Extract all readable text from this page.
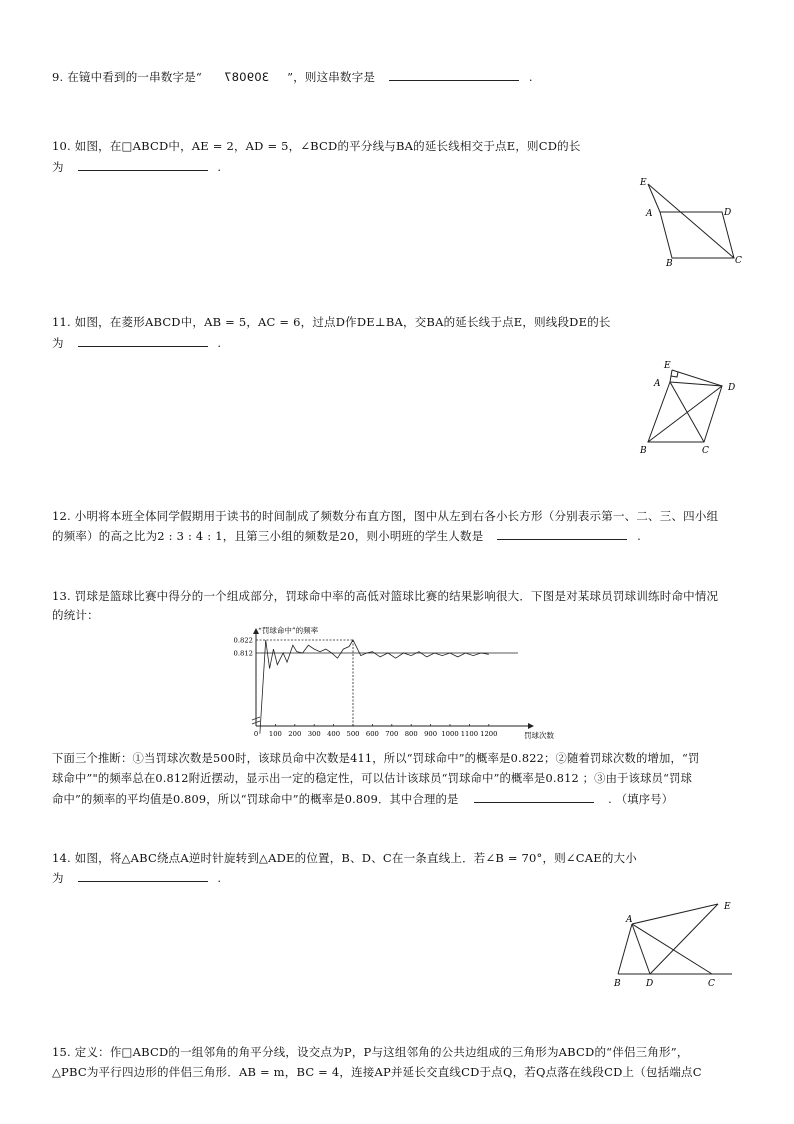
9. 在镜中看到的一串数字是“ 309087 ”，则这串数字是	.
10. 如图，在□ABCD中，AE = 2，AD = 5，∠BCD的平分线与BA的延长线相交于点E，则CD的长
为	.
E
A	D
B	C
11. 如图，在菱形ABCD中，AB = 5，AC = 6，过点D作DE⊥BA，交BA的延长线于点E，则线段DE的长
为	.
E
A	D
B	C
12. 小明将本班全体同学假期用于读书的时间制成了频数分布直方图，图中从左到右各小长方形（分别表示第一、二、三、四小组
的频率）的高之比为2 : 3 : 4 : 1，且第三小组的频数是20，则小明班的学生人数是	.
13. 罚球是篮球比赛中得分的一个组成部分，罚球命中率的高低对篮球比赛的结果影响很大．下图是对某球员罚球训练时命中情况
的统计：
“罚球命中”的频率
罚球次数
0 100 200 300 400 500 600 700 800 900 1000 1100 1200
0.822
0.812
下面三个推断：①当罚球次数是500时，该球员命中次数是411，所以“罚球命中”的概率是0.822；②随着罚球次数的增加，“罚
球命中”"的频率总在0.812附近摆动，显示出一定的稳定性，可以估计该球员“罚球命中”的概率是0.812 ；③由于该球员“罚球
命中”的频率的平均值是0.809，所以“罚球命中”的概率是0.809．其中合理的是	. （填序号）
14. 如图，将△ABC绕点A逆时针旋转到△ADE的位置，B、D、C在一条直线上．若∠B = 70°，则∠CAE的大小
为	.
E
A
B	D	C
15. 定义：作□ABCD的一组邻角的角平分线，设交点为P，P与这组邻角的公共边组成的三角形为ABCD的“伴侣三角形”，
△PBC为平行四边形的伴侣三角形．AB = m，BC = 4，连接AP并延长交直线CD于点Q，若Q点落在线段CD上（包括端点C
